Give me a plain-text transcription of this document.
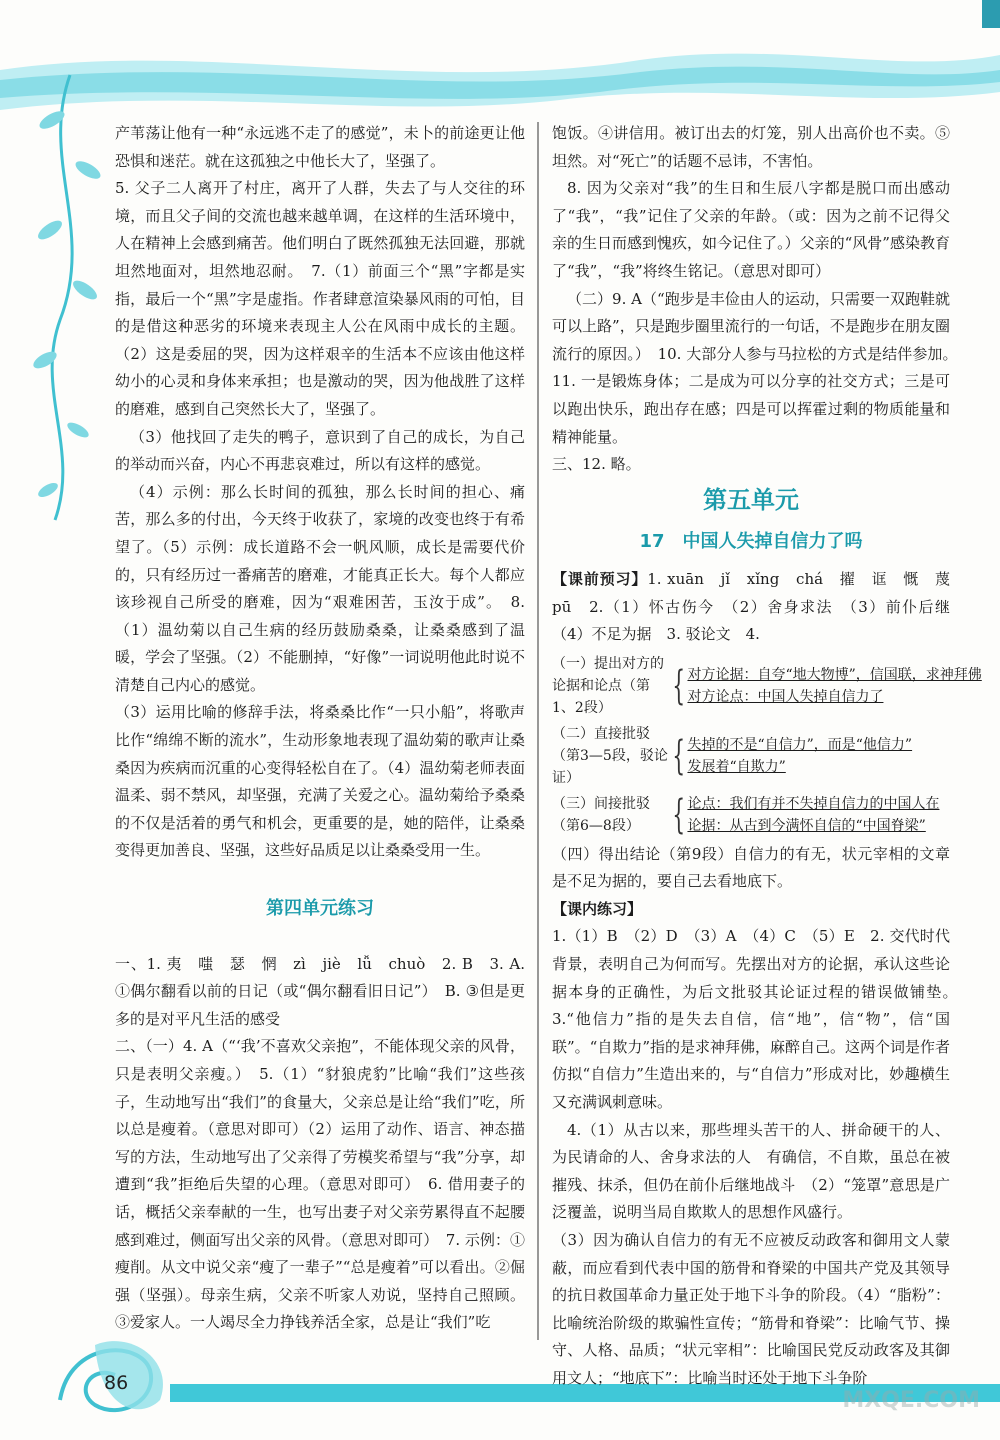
产苇荡让他有一种“永远逃不走了的感觉”，未卜的前途更让他恐惧和迷茫。就在这孤独之中他长大了，坚强了。

5. 父子二人离开了村庄，离开了人群，失去了与人交往的环境，而且父子间的交流也越来越单调，在这样的生活环境中，人在精神上会感到痛苦。他们明白了既然孤独无法回避，那就坦然地面对，坦然地忍耐。　7.（1）前面三个“黑”字都是实指，最后一个“黑”字是虚指。作者肆意渲染暴风雨的可怕，目的是借这种恶劣的环境来表现主人公在风雨中成长的主题。（2）这是委屈的哭，因为这样艰辛的生活本不应该由他这样幼小的心灵和身体来承担；也是激动的哭，因为他战胜了这样的磨难，感到自己突然长大了，坚强了。

（3）他找回了走失的鸭子，意识到了自己的成长，为自己的举动而兴奋，内心不再悲哀难过，所以有这样的感觉。

（4）示例：那么长时间的孤独，那么长时间的担心、痛苦，那么多的付出，今天终于收获了，家境的改变也终于有希望了。（5）示例：成长道路不会一帆风顺，成长是需要代价的，只有经历过一番痛苦的磨难，才能真正长大。每个人都应该珍视自己所受的磨难，因为“艰难困苦，玉汝于成”。　8.（1）温幼菊以自己生病的经历鼓励桑桑，让桑桑感到了温暖，学会了坚强。（2）不能删掉，“好像”一词说明他此时说不清楚自己内心的感觉。

（3）运用比喻的修辞手法，将桑桑比作“一只小船”，将歌声比作“绵绵不断的流水”，生动形象地表现了温幼菊的歌声让桑桑因为疾病而沉重的心变得轻松自在了。（4）温幼菊老师表面温柔、弱不禁风，却坚强，充满了关爱之心。温幼菊给予桑桑的不仅是活着的勇气和机会，更重要的是，她的陪伴，让桑桑变得更加善良、坚强，这些好品质足以让桑桑受用一生。

第四单元练习

一、1. 夷　嗤　瑟　惘　zì　jiè　lǚ　chuò　2. B　3. A. ①偶尔翻看以前的日记（或“偶尔翻看旧日记”）　B. ③但是更多的是对平凡生活的感受

二、（一）4. A（“‘我’不喜欢父亲抱”，不能体现父亲的风骨，只是表明父亲瘦。）　5.（1）“豺狼虎豹”比喻“我们”这些孩子，生动地写出“我们”的食量大，父亲总是让给“我们”吃，所以总是瘦着。（意思对即可）（2）运用了动作、语言、神态描写的方法，生动地写出了父亲得了劳模奖希望与“我”分享，却遭到“我”拒绝后失望的心理。（意思对即可）　6. 借用妻子的话，概括父亲奉献的一生，也写出妻子对父亲劳累得直不起腰感到难过，侧面写出父亲的风骨。（意思对即可）　7. 示例：①瘦削。从文中说父亲“瘦了一辈子”“总是瘦着”可以看出。②倔强（坚强）。母亲生病，父亲不听家人劝说，坚持自己照顾。③爱家人。一人竭尽全力挣钱养活全家，总是让“我们”吃

饱饭。④讲信用。被订出去的灯笼，别人出高价也不卖。⑤坦然。对“死亡”的话题不忌讳，不害怕。

8. 因为父亲对“我”的生日和生辰八字都是脱口而出感动了“我”，“我”记住了父亲的年龄。（或：因为之前不记得父亲的生日而感到愧疚，如今记住了。）父亲的“风骨”感染教育了“我”，“我”将终生铭记。（意思对即可）

（二）9. A（“跑步是丰俭由人的运动，只需要一双跑鞋就可以上路”，只是跑步圈里流行的一句话，不是跑步在朋友圈流行的原因。）　10. 大部分人参与马拉松的方式是结伴参加。　11. 一是锻炼身体；二是成为可以分享的社交方式；三是可以跑出快乐，跑出存在感；四是可以挥霍过剩的物质能量和精神能量。

三、12. 略。

第五单元
17　中国人失掉自信力了吗

【课前预习】1. xuān　jǐ　xǐng　chá　擢　诓　慨　蔑　pū　2.（1）怀古伤今　（2）舍身求法　（3）前仆后继　（4）不足为据　3. 驳论文　4.

（一）提出对方的论据和论点（第1、2段）	{ 对方论据：自夸“地大物博”，信国联，求神拜佛
对方论点：中国人失掉自信力了
（二）直接批驳（第3—5段，驳论证）	{ 失掉的不是“自信力”，而是“他信力”
发展着“自欺力”
（三）间接批驳（第6—8段） { 论点：我们有并不失掉自信力的中国人在
论据：从古到今满怀自信的“中国脊梁”

（四）得出结论（第9段）自信力的有无，状元宰相的文章是不足为据的，要自己去看地底下。

【课内练习】

1.（1）B　（2）D　（3）A　（4）C　（5）E　2. 交代时代背景，表明自己为何而写。先摆出对方的论据，承认这些论据本身的正确性，为后文批驳其论证过程的错误做铺垫。　3.“他信力”指的是失去自信，信“地”，信“物”，信“国联”。“自欺力”指的是求神拜佛，麻醉自己。这两个词是作者仿拟“自信力”生造出来的，与“自信力”形成对比，妙趣横生又充满讽刺意味。

4.（1）从古以来，那些埋头苦干的人、拼命硬干的人、为民请命的人、舍身求法的人　有确信，不自欺，虽总在被摧残、抹杀，但仍在前仆后继地战斗　（2）“笼罩”意思是广泛覆盖，说明当局自欺欺人的思想作风盛行。

（3）因为确认自信力的有无不应被反动政客和御用文人蒙蔽，而应看到代表中国的筋骨和脊梁的中国共产党及其领导的抗日救国革命力量正处于地下斗争的阶段。（4）“脂粉”：比喻统治阶级的欺骗性宣传；“筋骨和脊梁”：比喻气节、操守、人格、品质；“状元宰相”：比喻国民党反动政客及其御用文人；“地底下”：比喻当时还处于地下斗争阶

86
MXQE.COM
